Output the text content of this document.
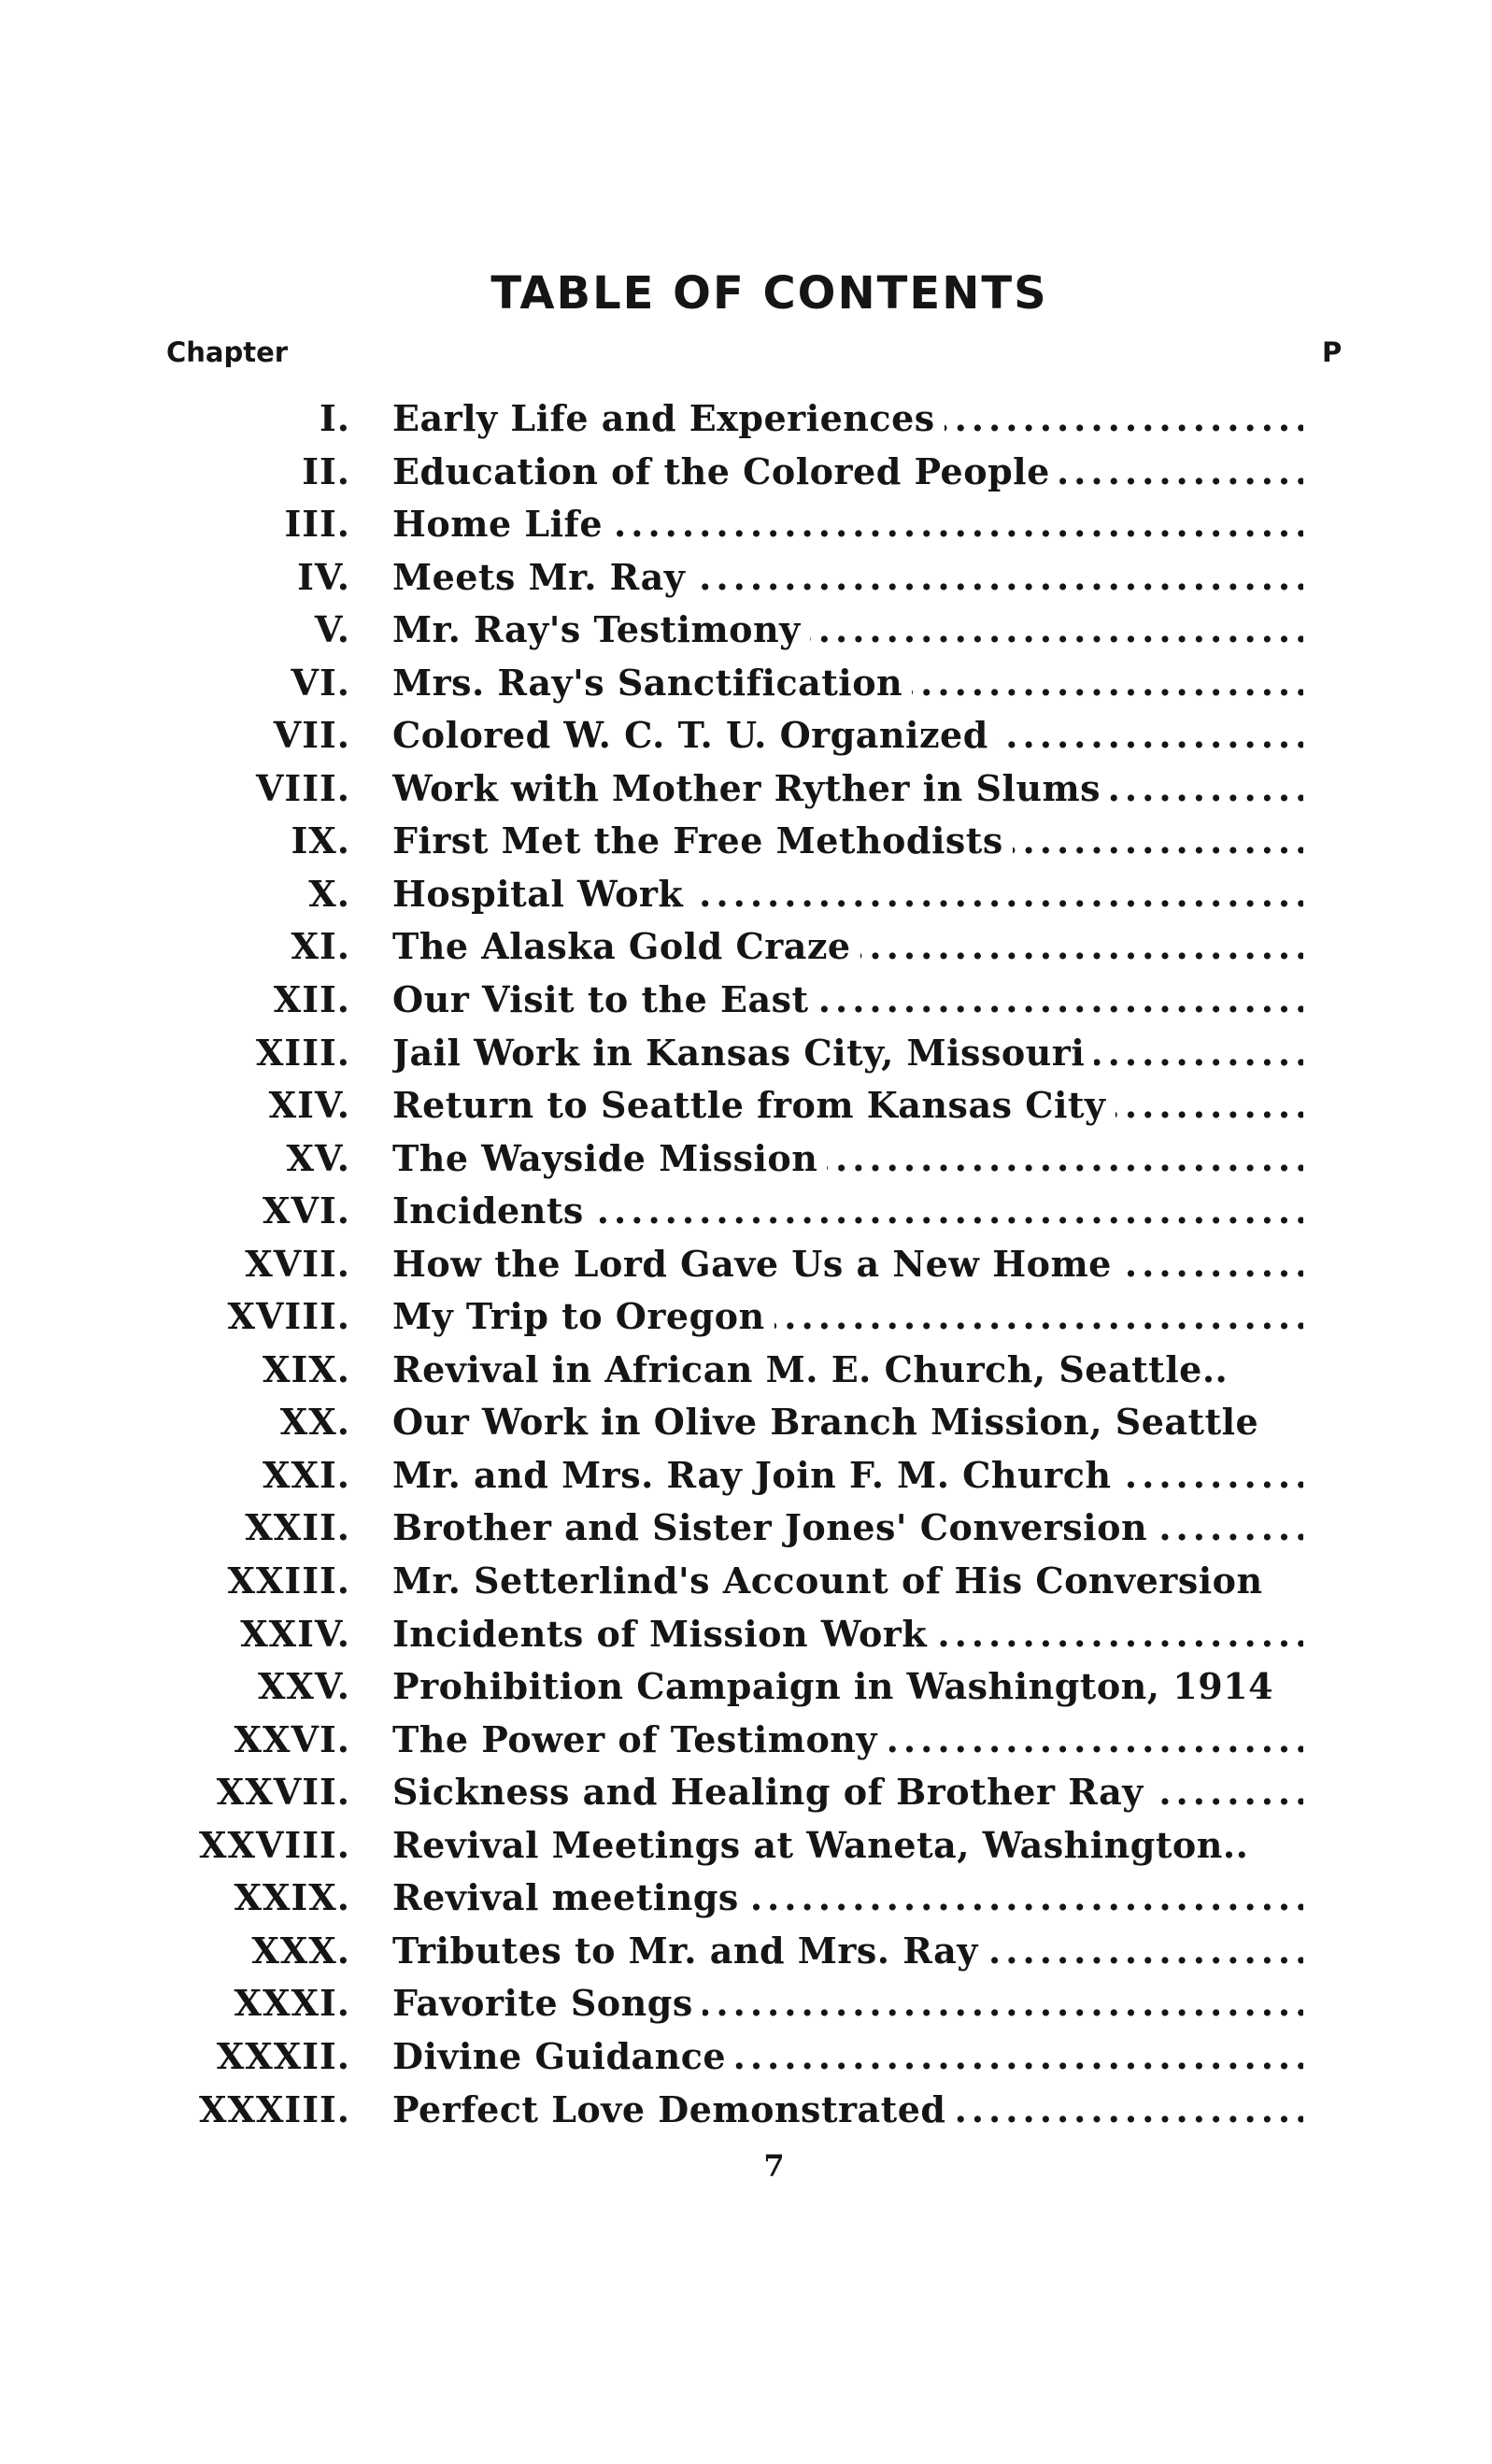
TABLE OF CONTENTS
Chapter	P
I. ..... Early Life and Experiences
II. ..... Education of the Colored People
III. ..... Home Life
IV. ..... Meets Mr. Ray
V. ..... Mr. Ray's Testimony
VI. ..... Mrs. Ray's Sanctification
VII. ..... Colored W. C. T. U. Organized
VIII. ..... Work with Mother Ryther in Slums
IX. ..... First Met the Free Methodists
X. ..... Hospital Work
XI. ..... The Alaska Gold Craze
XII. ..... Our Visit to the East
XIII. ..... Jail Work in Kansas City, Missouri
XIV. ..... Return to Seattle from Kansas City
XV. ..... The Wayside Mission
XVI. ..... Incidents
XVII. ..... How the Lord Gave Us a New Home
XVIII. ..... My Trip to Oregon
XIX. Revival in African M. E. Church, Seattle..
XX. Our Work in Olive Branch Mission, Seattle
XXI. ..... Mr. and Mrs. Ray Join F. M. Church
XXII. ..... Brother and Sister Jones' Conversion
XXIII. Mr. Setterlind's Account of His Conversion
XXIV. ..... Incidents of Mission Work
XXV. Prohibition Campaign in Washington, 1914
XXVI. ..... The Power of Testimony
XXVII. ..... Sickness and Healing of Brother Ray
XXVIII. Revival Meetings at Waneta, Washington..
XXIX. ..... Revival meetings
XXX. ..... Tributes to Mr. and Mrs. Ray
XXXI. ..... Favorite Songs
XXXII. ..... Divine Guidance
XXXIII. ..... Perfect Love Demonstrated
7
